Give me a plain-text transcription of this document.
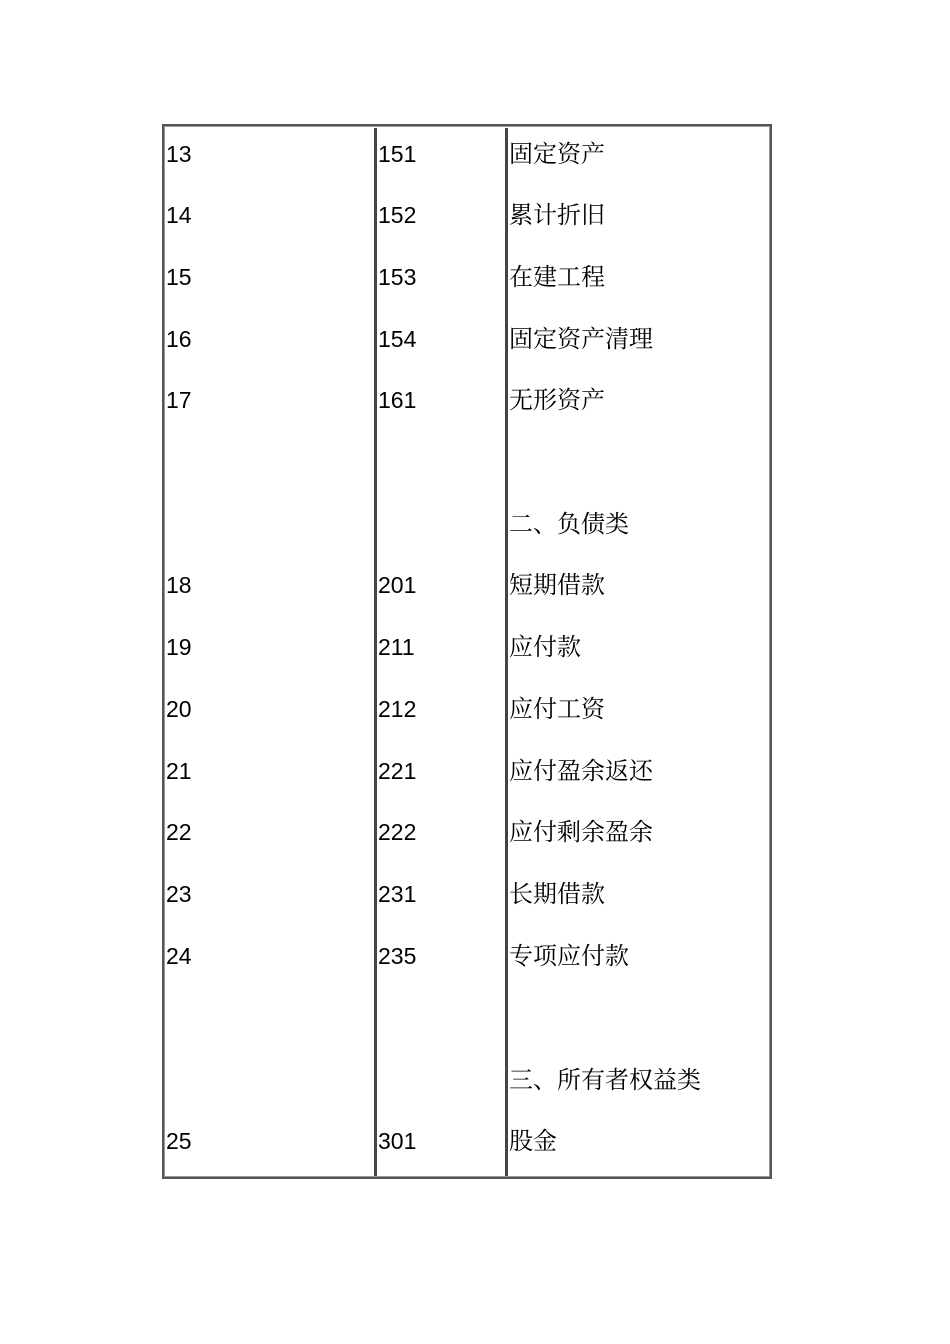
13	151	固定资产
14	152	累计折旧
15	153	在建工程
16	154	固定资产清理
17	161	无形资产
二、负债类
18	201	短期借款
19	211	应付款
20	212	应付工资
21	221	应付盈余返还
22	222	应付剩余盈余
23	231	长期借款
24	235	专项应付款
三、所有者权益类
25	301	股金
